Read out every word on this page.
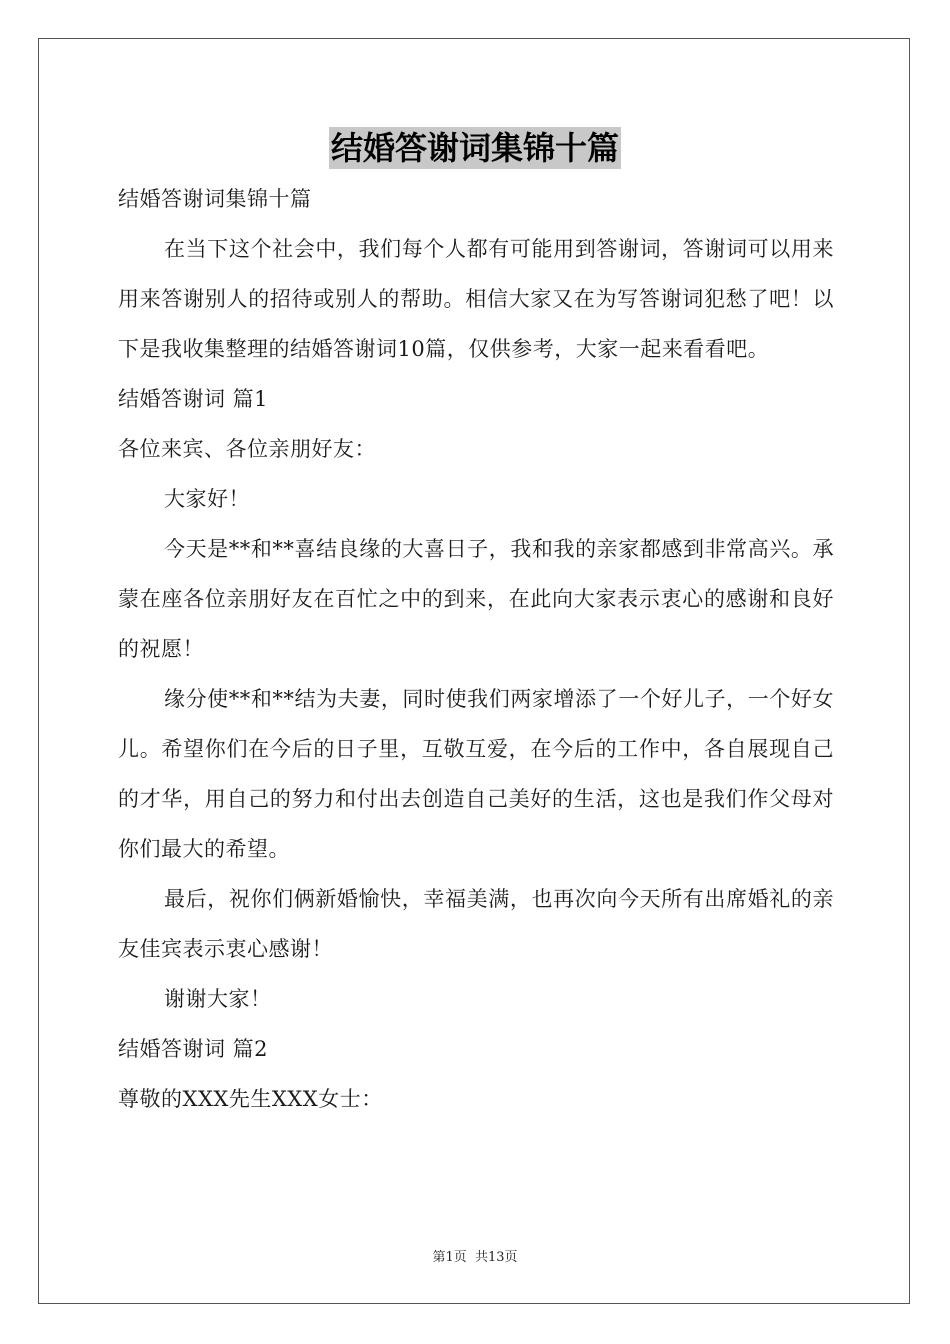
结婚答谢词集锦十篇
结婚答谢词集锦十篇

在当下这个社会中，我们每个人都有可能用到答谢词，答谢词可以用来用来答谢别人的招待或别人的帮助。相信大家又在为写答谢词犯愁了吧！以下是我收集整理的结婚答谢词10篇，仅供参考，大家一起来看看吧。

结婚答谢词 篇1
各位来宾、各位亲朋好友：
大家好！

今天是**和**喜结良缘的大喜日子，我和我的亲家都感到非常高兴。承蒙在座各位亲朋好友在百忙之中的到来，在此向大家表示衷心的感谢和良好的祝愿！

缘分使**和**结为夫妻，同时使我们两家增添了一个好儿子，一个好女儿。希望你们在今后的日子里，互敬互爱，在今后的工作中，各自展现自己的才华，用自己的努力和付出去创造自己美好的生活，这也是我们作父母对你们最大的希望。

最后，祝你们俩新婚愉快，幸福美满，也再次向今天所有出席婚礼的亲友佳宾表示衷心感谢！

谢谢大家！
结婚答谢词 篇2
尊敬的XXX先生XXX女士：
第1页 共13页
